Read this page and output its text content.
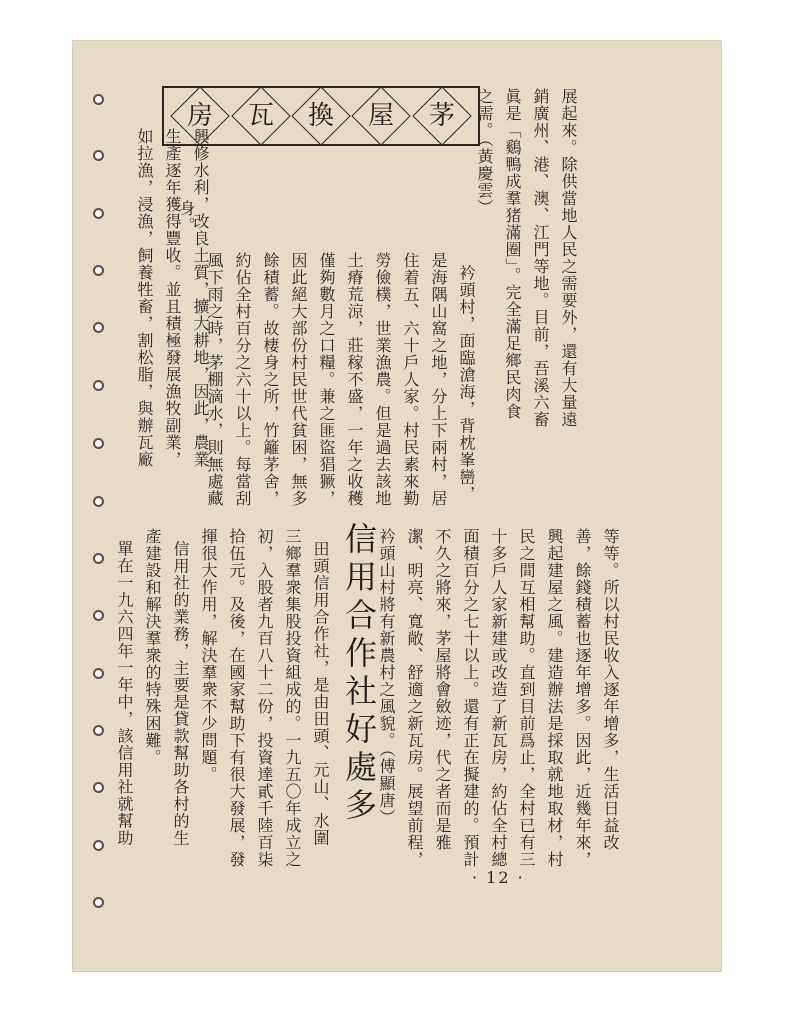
房	瓦	換	屋	茅	展起來。除供當地人民之需要外，還有大量遠
銷廣州、港、澳、江門等地。目前，吾溪六畜
眞是「鷄鴨成羣猪滿圈」。完全滿足鄉民肉食
之需。（黃慶雲）
衿頭村，面臨滄海，背枕峯巒，
是海隅山窩之地，分上下兩村，居
住着五、六十戶人家。村民素來勤
勞儉樸，世業漁農。但是過去該地
土瘠荒涼，莊稼不盛，一年之收穫
僅夠數月之口糧。兼之匪盜猖獗，
因此絕大部份村民世代貧困，無多
餘積蓄。故棲身之所，竹籬茅舍，
約佔全村百分之六十以上。每當刮
風下雨之時，茅棚滴水，則無處藏
身。
興修水利，改良土質，擴大耕地，因此，農業
生產逐年獲得豐收。並且積極發展漁牧副業，
如拉漁，浸漁，飼養牲畜，割松脂，與辦瓦廠
等等。所以村民收入逐年增多，生活日益改
善，餘錢積蓄也逐年增多。因此，近幾年來，
興起建屋之風。建造辦法是採取就地取材，村
民之間互相幫助。直到目前爲止，全村已有三
十多戶人家新建或改造了新瓦房，約佔全村總
面積百分之七十以上。還有正在擬建的。預計
不久之將來，茅屋將會斂迹，代之者而是雅
潔、明亮、寬敞、舒適之新瓦房。展望前程，
衿頭山村將有新農村之風貌。（傅顯唐）
信用合作社好處多
田頭信用合作社，是由田頭、元山、水圍
三鄉羣衆集股投資組成的。一九五〇年成立之
初，入股者九百八十二份，投資達貳千陸百柒
拾伍元。及後，在國家幫助下有很大發展，發
揮很大作用，解決羣衆不少問題。
信用社的業務，主要是貸款幫助各村的生
產建設和解決羣衆的特殊困難。
單在一九六四年一年中，該信用社就幫助
· 12 ·
